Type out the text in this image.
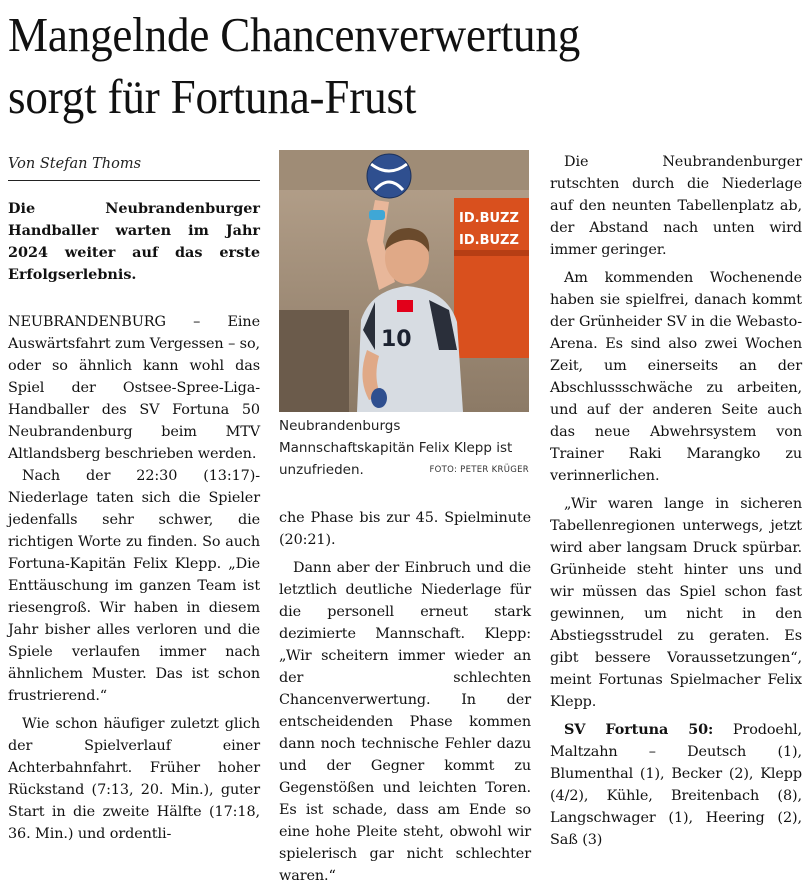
Mangelnde Chancenverwertung
sorgt für Fortuna-Frust
Von Stefan Thoms
Die Neubrandenburger Handballer warten im Jahr 2024 weiter auf das erste Erfolgserlebnis.

NEUBRANDENBURG – Eine Auswärtsfahrt zum Vergessen – so, oder so ähnlich kann wohl das Spiel der Ostsee-Spree-Liga-Handballer des SV Fortuna 50 Neubrandenburg beim MTV Altlandsberg beschrieben werden.

Nach der 22:30 (13:17)-Niederlage taten sich die Spieler jedenfalls sehr schwer, die richtigen Worte zu finden. So auch Fortuna-Kapitän Felix Klepp. „Die Enttäuschung im ganzen Team ist riesengroß. Wir haben in diesem Jahr bisher alles verloren und die Spiele verlaufen immer nach ähnlichem Muster. Das ist schon frustrierend.“

Wie schon häufiger zuletzt glich der Spielverlauf einer Achterbahnfahrt. Früher hoher Rückstand (7:13, 20. Min.), guter Start in die zweite Hälfte (17:18, 36. Min.) und ordentli-

ID.BUZZ
ID.BUZZ
10
Neubrandenburgs Mannschaftskapitän Felix Klepp ist unzufrieden.	FOTO: PETER KRÜGER

che Phase bis zur 45. Spielminute (20:21).

Dann aber der Einbruch und die letztlich deutliche Niederlage für die personell erneut stark dezimierte Mannschaft. Klepp: „Wir scheitern immer wieder an der schlechten Chancenverwertung. In der entscheidenden Phase kommen dann noch technische Fehler dazu und der Gegner kommt zu Gegenstößen und leichten Toren. Es ist schade, dass am Ende so eine hohe Pleite steht, obwohl wir spielerisch gar nicht schlechter waren.“

Die Neubrandenburger rutschten durch die Niederlage auf den neunten Tabellenplatz ab, der Abstand nach unten wird immer geringer.

Am kommenden Wochenende haben sie spielfrei, danach kommt der Grünheider SV in die Webasto-Arena. Es sind also zwei Wochen Zeit, um einerseits an der Abschlussschwäche zu arbeiten, und auf der anderen Seite auch das neue Abwehrsystem von Trainer Raki Marangko zu verinnerlichen.

„Wir waren lange in sicheren Tabellenregionen unterwegs, jetzt wird aber langsam Druck spürbar. Grünheide steht hinter uns und wir müssen das Spiel schon fast gewinnen, um nicht in den Abstiegsstrudel zu geraten. Es gibt bessere Voraussetzungen“, meint Fortunas Spielmacher Felix Klepp.

SV Fortuna 50: Prodoehl, Maltzahn – Deutsch (1), Blumenthal (1), Becker (2), Klepp (4/2), Kühle, Breitenbach (8), Langschwager (1), Heering (2), Saß (3)
